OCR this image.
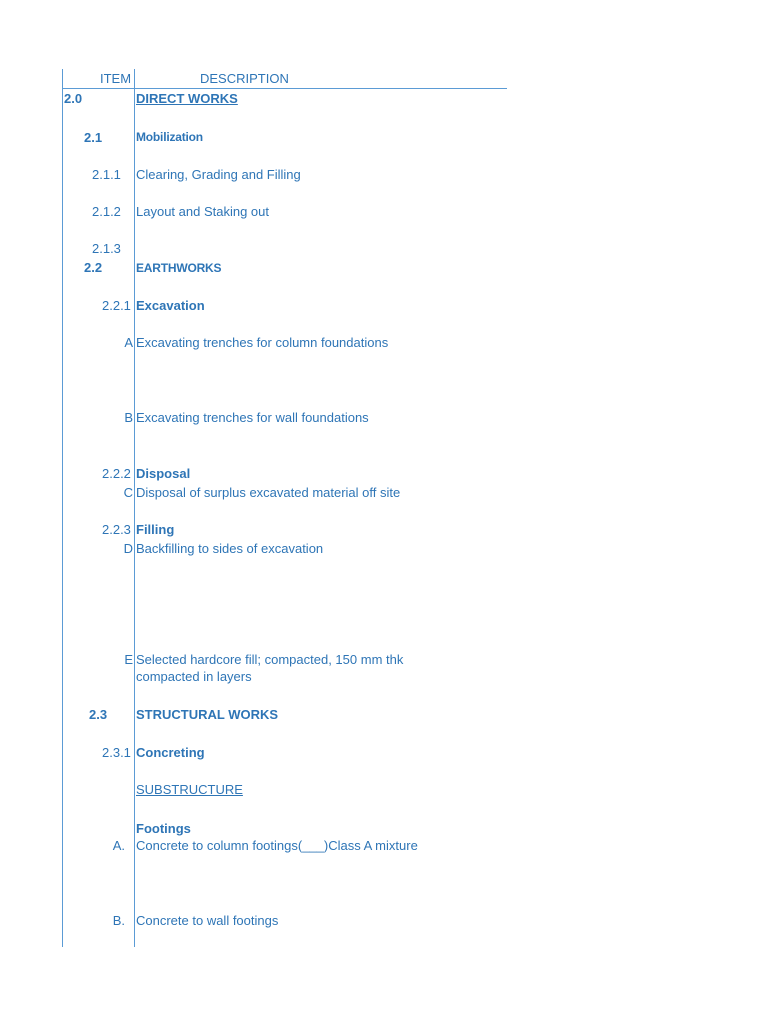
ITEM	DESCRIPTION
2.0	DIRECT WORKS
2.1	Mobilization
2.1.1 Clearing, Grading and Filling
2.1.2 Layout and Staking out
2.1.3
2.2	EARTHWORKS
2.2.1 Excavation
A Excavating trenches for column foundations
B Excavating trenches for wall foundations
2.2.2 Disposal
C Disposal of surplus excavated material off site
2.2.3 Filling
D Backfilling to sides of excavation
E Selected hardcore fill; compacted, 150 mm thk
compacted in layers
2.3 STRUCTURAL WORKS
2.3.1 Concreting
SUBSTRUCTURE
Footings
A. Concrete to column footings(___)Class A mixture
B. Concrete to wall footings
